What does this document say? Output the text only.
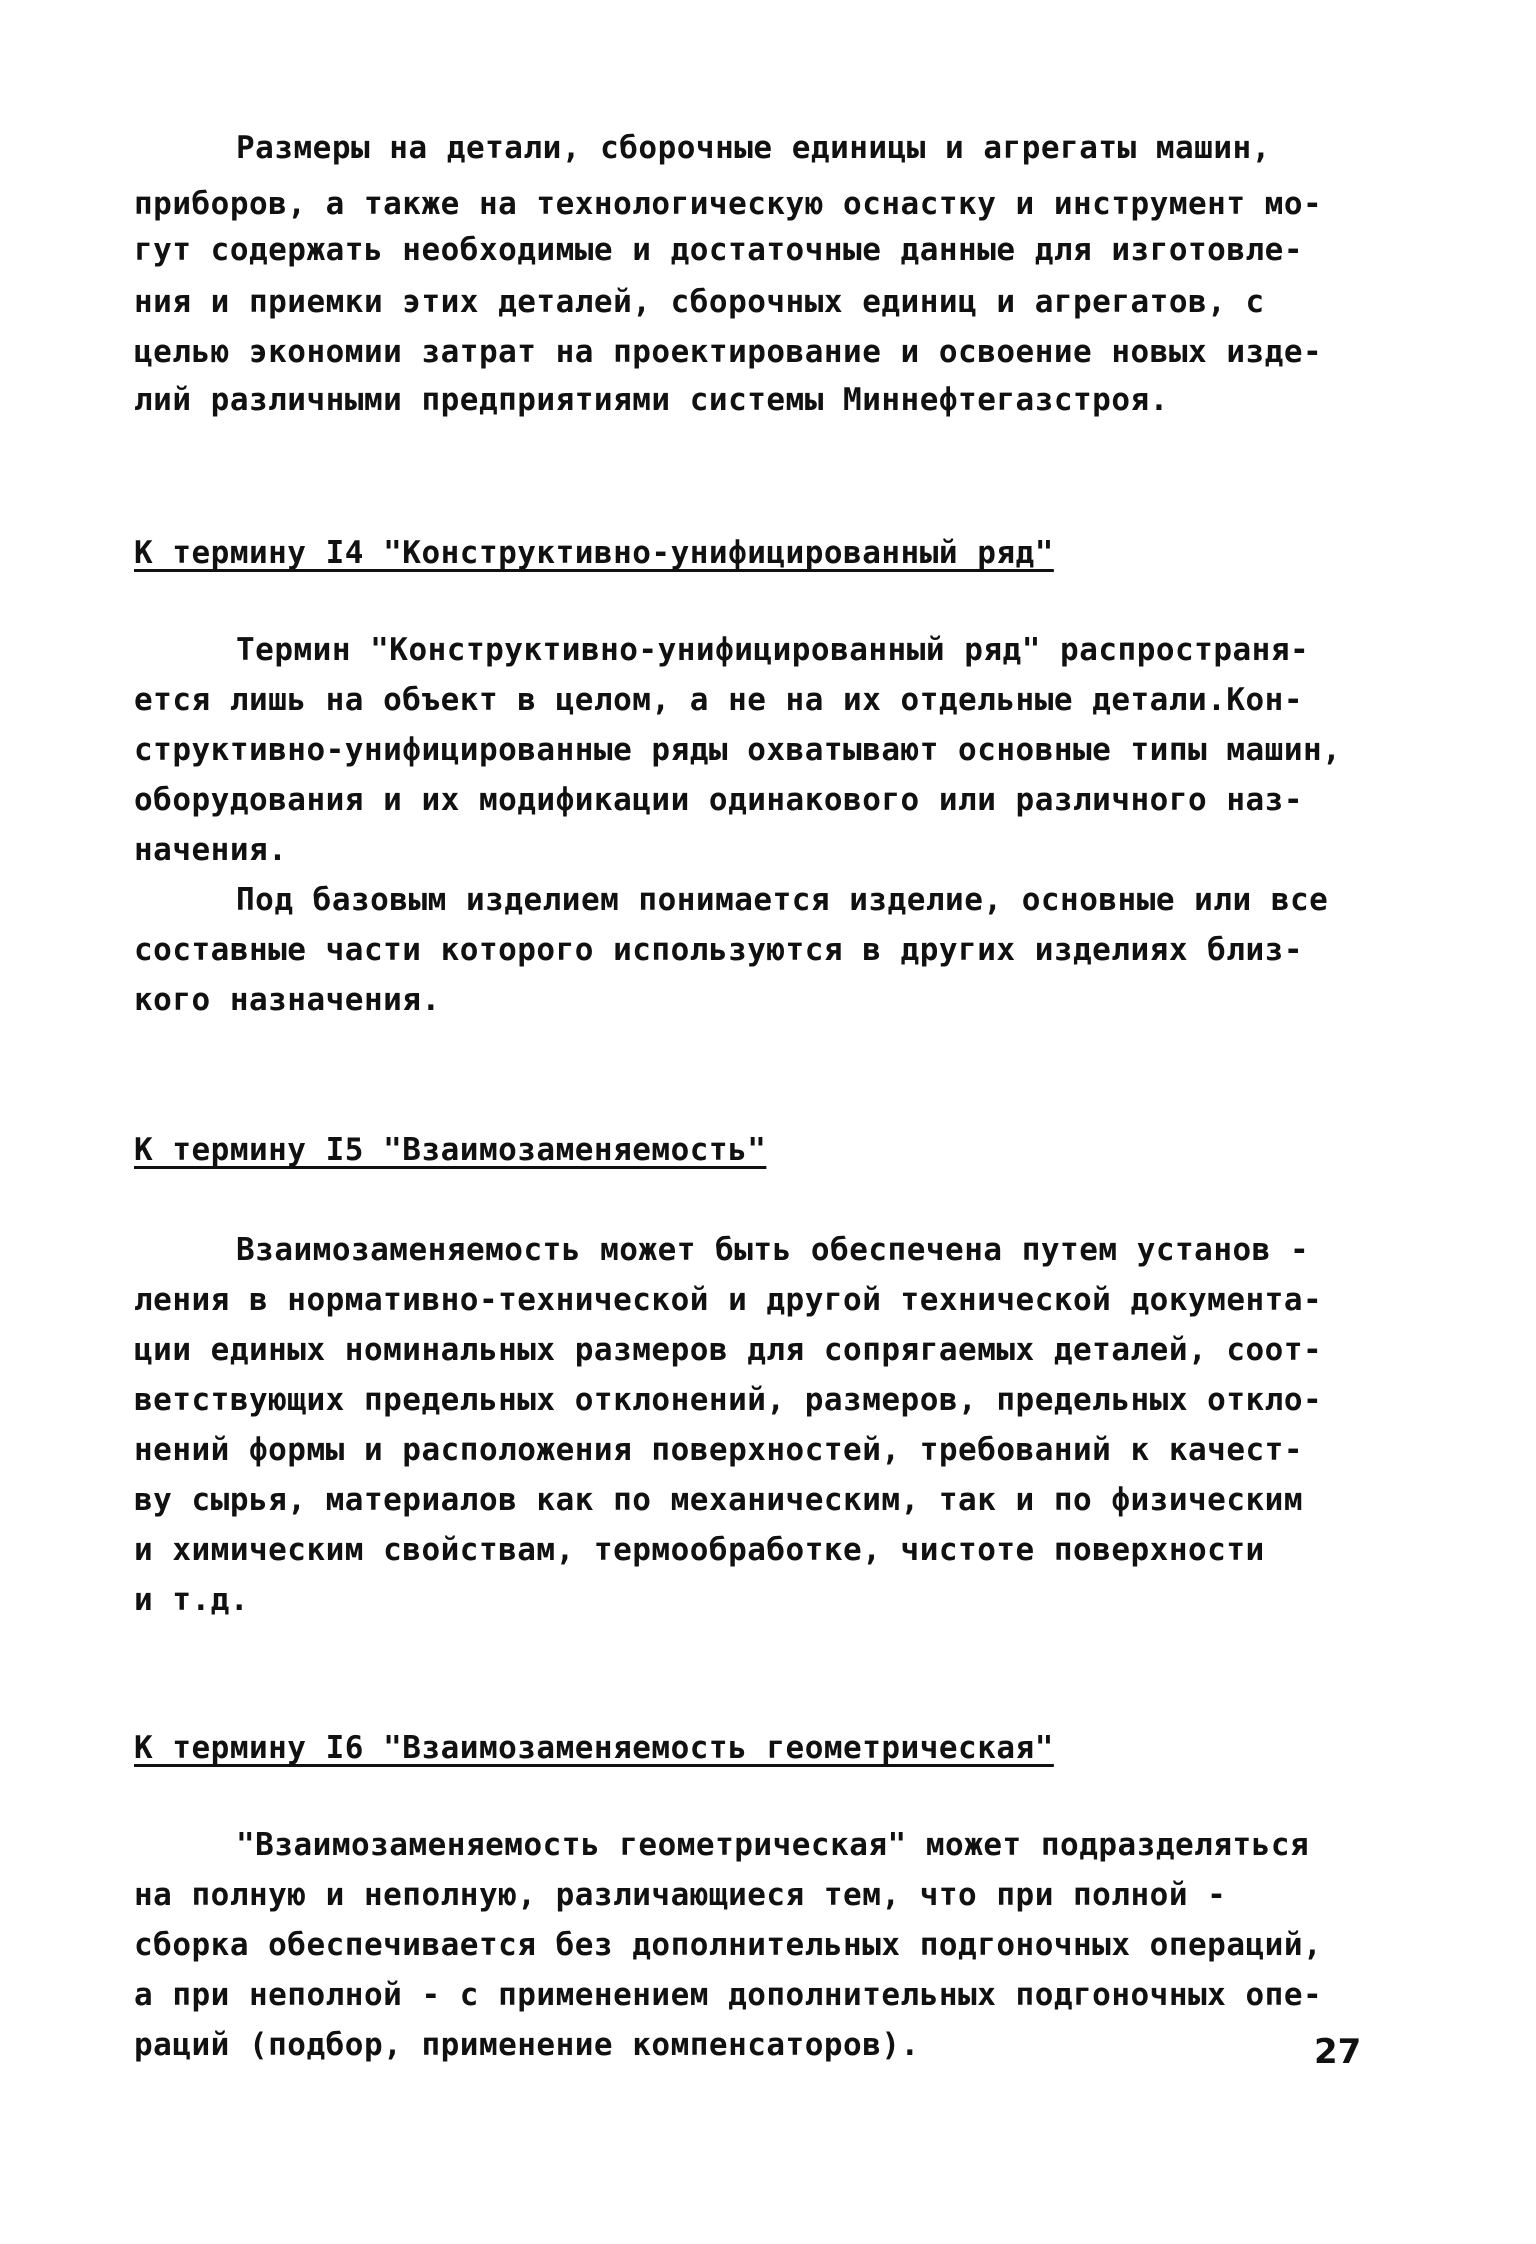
Размеры на детали, сборочные единицы и агрегаты машин,
приборов, а также на технологическую оснастку и инструмент мо-
гут содержать необходимые и достаточные данные для изготовле-
ния и приемки этих деталей, сборочных единиц и агрегатов, с
целью экономии затрат на проектирование и освоение новых изде-
лий различными предприятиями системы Миннефтегазстроя.
К термину I4 "Конструктивно-унифицированный ряд"
Термин "Конструктивно-унифицированный ряд" распространя-
ется лишь на объект в целом, а не на их отдельные детали.Кон-
структивно-унифицированные ряды охватывают основные типы машин,
оборудования и их модификации одинакового или различного наз-
начения.
Под базовым изделием понимается изделие, основные или все
составные части которого используются в других изделиях близ-
кого назначения.
К термину I5 "Взаимозаменяемость"
Взаимозаменяемость может быть обеспечена путем установ -
ления в нормативно-технической и другой технической документа-
ции единых номинальных размеров для сопрягаемых деталей, соот-
ветствующих предельных отклонений, размеров, предельных откло-
нений формы и расположения поверхностей, требований к качест-
ву сырья, материалов как по механическим, так и по физическим
и химическим свойствам, термообработке, чистоте поверхности
и т.д.
К термину I6 "Взаимозаменяемость геометрическая"
"Взаимозаменяемость геометрическая" может подразделяться
на полную и неполную, различающиеся тем, что при полной -
сборка обеспечивается без дополнительных подгоночных операций,
а при неполной - с применением дополнительных подгоночных опе-
раций (подбор, применение компенсаторов).	27
